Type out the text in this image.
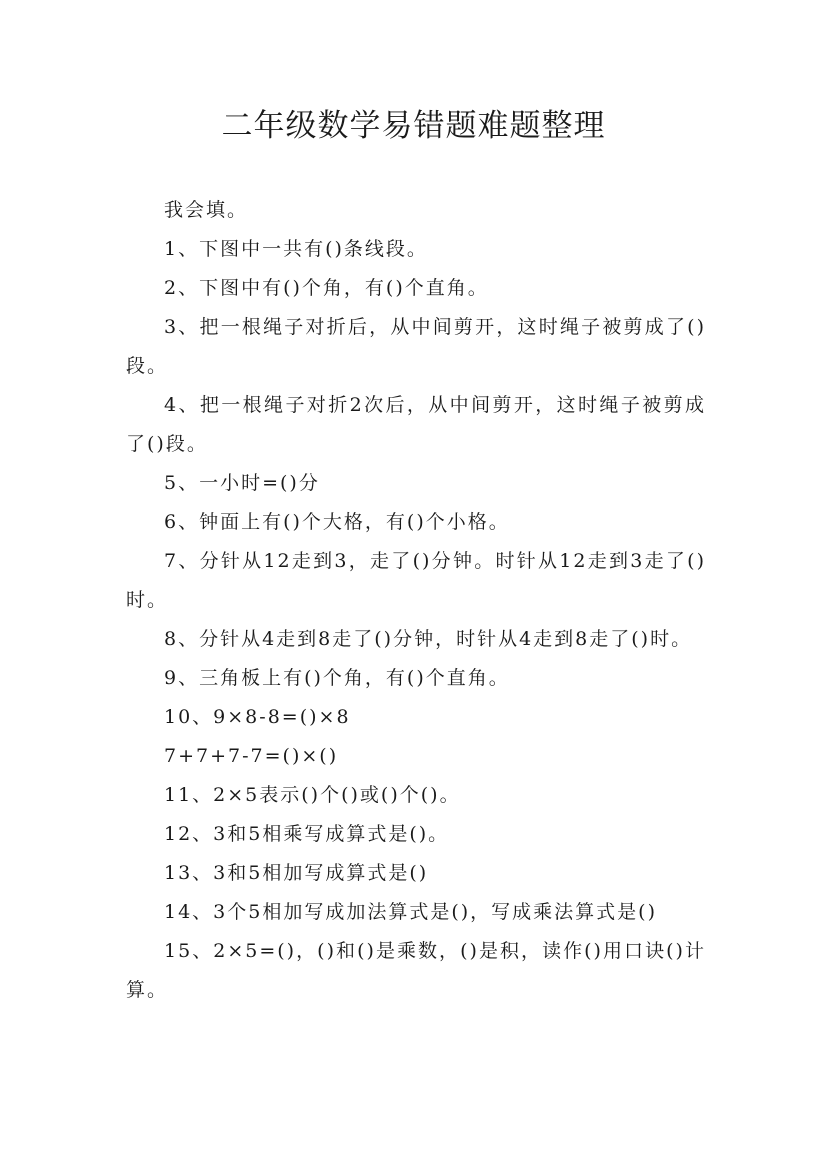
二年级数学易错题难题整理

我会填。

1、下图中一共有()条线段。

2、下图中有()个角，有()个直角。

3、把一根绳子对折后，从中间剪开，这时绳子被剪成了()段。

4、把一根绳子对折2次后，从中间剪开，这时绳子被剪成了()段。

5、一小时=()分

6、钟面上有()个大格，有()个小格。

7、分针从12走到3，走了()分钟。时针从12走到3走了()时。

8、分针从4走到8走了()分钟，时针从4走到8走了()时。

9、三角板上有()个角，有()个直角。

10、9×8-8=()×8

7+7+7-7=()×()

11、2×5表示()个()或()个()。

12、3和5相乘写成算式是()。

13、3和5相加写成算式是()

14、3个5相加写成加法算式是()，写成乘法算式是()

15、2×5=()，()和()是乘数，()是积，读作()用口诀()计算。
